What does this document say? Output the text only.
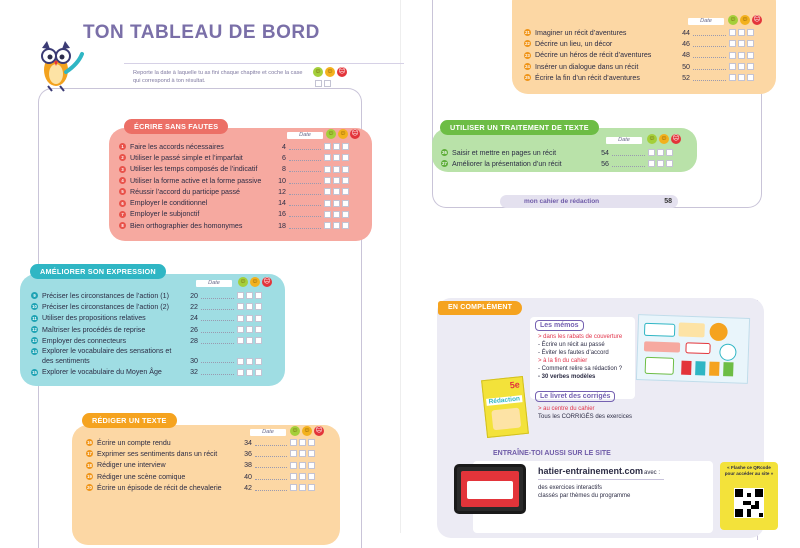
TON TABLEAU DE BORD
Reporte la date à laquelle tu as fini chaque chapitre et coche la case qui correspond à ton résultat.
☺ ☺ ☹
ÉCRIRE SANS FAUTES
Date	☺ ☺ ☹
1 Faire les accords nécessaires	4
2 Utiliser le passé simple et l’imparfait	6
3 Utiliser les temps composés de l’indicatif	8
4 Utiliser la forme active et la forme passive	10
5 Réussir l’accord du participe passé	12
6 Employer le conditionnel	14
7 Employer le subjonctif	16
8 Bien orthographier des homonymes	18
AMÉLIORER SON EXPRESSION
Date	☺ ☺ ☹
9 Préciser les circonstances de l’action (1)	20
10 Préciser les circonstances de l’action (2)	22
11 Utiliser des propositions relatives	24
12 Maîtriser les procédés de reprise	26
13 Employer des connecteurs	28
14 Explorer le vocabulaire des sensations et des sentiments	30
15 Explorer le vocabulaire du Moyen Âge	32
RÉDIGER UN TEXTE
Date	☺ ☺ ☹
16 Écrire un compte rendu	34
17 Exprimer ses sentiments dans un récit	36
18 Rédiger une interview	38
19 Rédiger une scène comique	40
20 Écrire un épisode de récit de chevalerie	42
Date	☺ ☺ ☹
21 Imaginer un récit d’aventures	44
22 Décrire un lieu, un décor	46
23 Décrire un héros de récit d’aventures	48
24 Insérer un dialogue dans un récit	50
25 Écrire la fin d’un récit d’aventures	52
UTILISER UN TRAITEMENT DE TEXTE
Date	☺ ☺ ☹
26 Saisir et mettre en pages un récit	54
27 Améliorer la présentation d’un récit	56
mon cahier de rédaction	58
EN COMPLÉMENT
Les mémos
> dans les rabats de couverture
- Écrire un récit au passé
- Éviter les fautes d’accord
> à la fin du cahier
- Comment relire sa rédaction ?
- 30 verbes modèles
5e
Rédaction	Le livret des corrigés
> au centre du cahier
Tous les CORRIGÉS des exercices
ENTRAÎNE-TOI AUSSI SUR LE SITE
hatier-entrainement.com avec :
des exercices interactifs
classés par thèmes du programme
« Flashe ce QRcode pour accéder au site »
